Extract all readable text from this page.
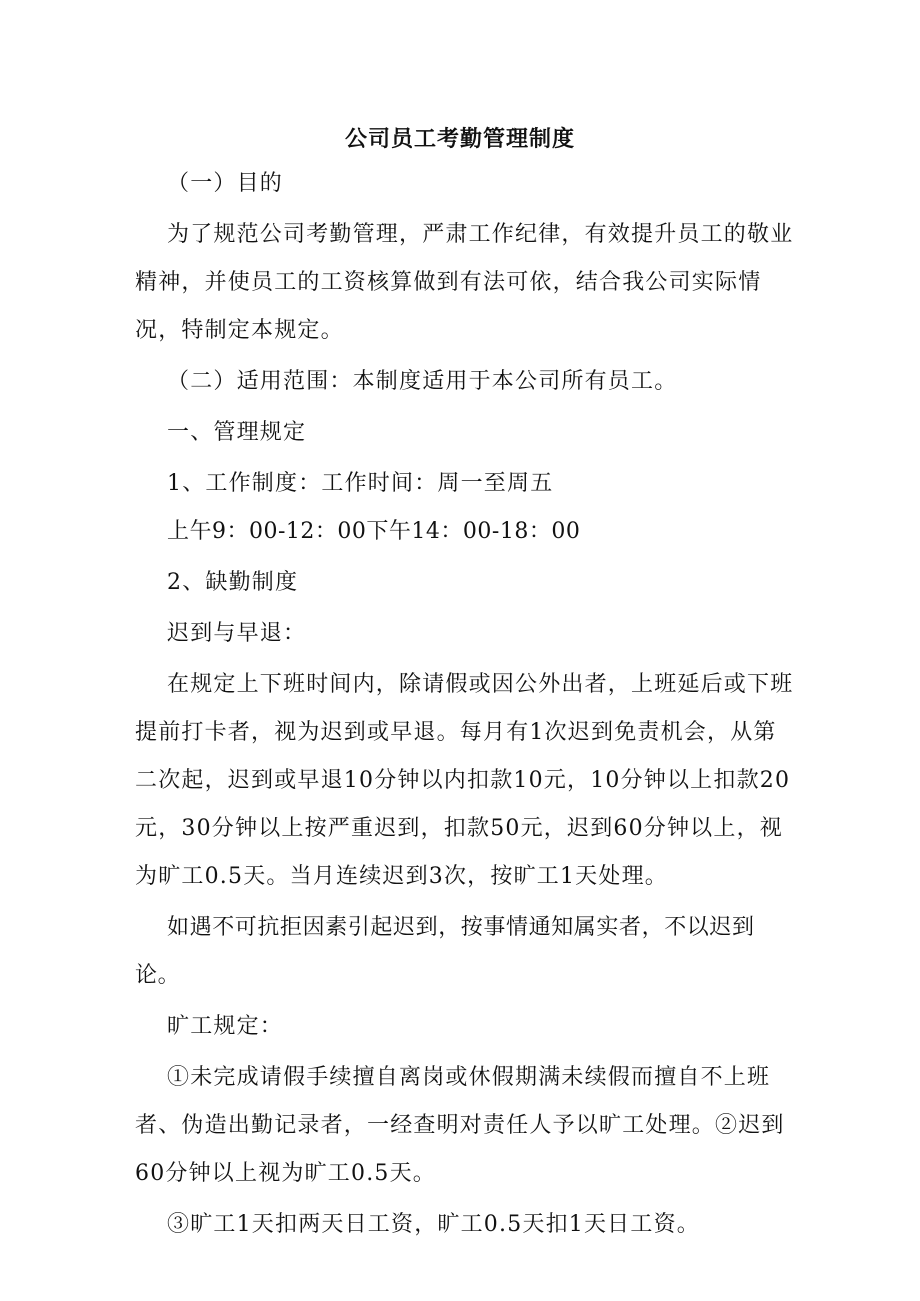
公司员工考勤管理制度

（一）目的

为了规范公司考勤管理，严肃工作纪律，有效提升员工的敬业精神，并使员工的工资核算做到有法可依，结合我公司实际情况，特制定本规定。

（二）适用范围：本制度适用于本公司所有员工。

一、管理规定

1、工作制度：工作时间：周一至周五

上午9：00-12：00下午14：00-18：00

2、缺勤制度

迟到与早退：

在规定上下班时间内，除请假或因公外出者，上班延后或下班提前打卡者，视为迟到或早退。每月有1次迟到免责机会，从第二次起，迟到或早退10分钟以内扣款10元，10分钟以上扣款20元，30分钟以上按严重迟到，扣款50元，迟到60分钟以上，视为旷工0.5天。当月连续迟到3次，按旷工1天处理。

如遇不可抗拒因素引起迟到，按事情通知属实者，不以迟到论。

旷工规定：

①未完成请假手续擅自离岗或休假期满未续假而擅自不上班者、伪造出勤记录者，一经查明对责任人予以旷工处理。②迟到60分钟以上视为旷工0.5天。

③旷工1天扣两天日工资，旷工0.5天扣1天日工资。
